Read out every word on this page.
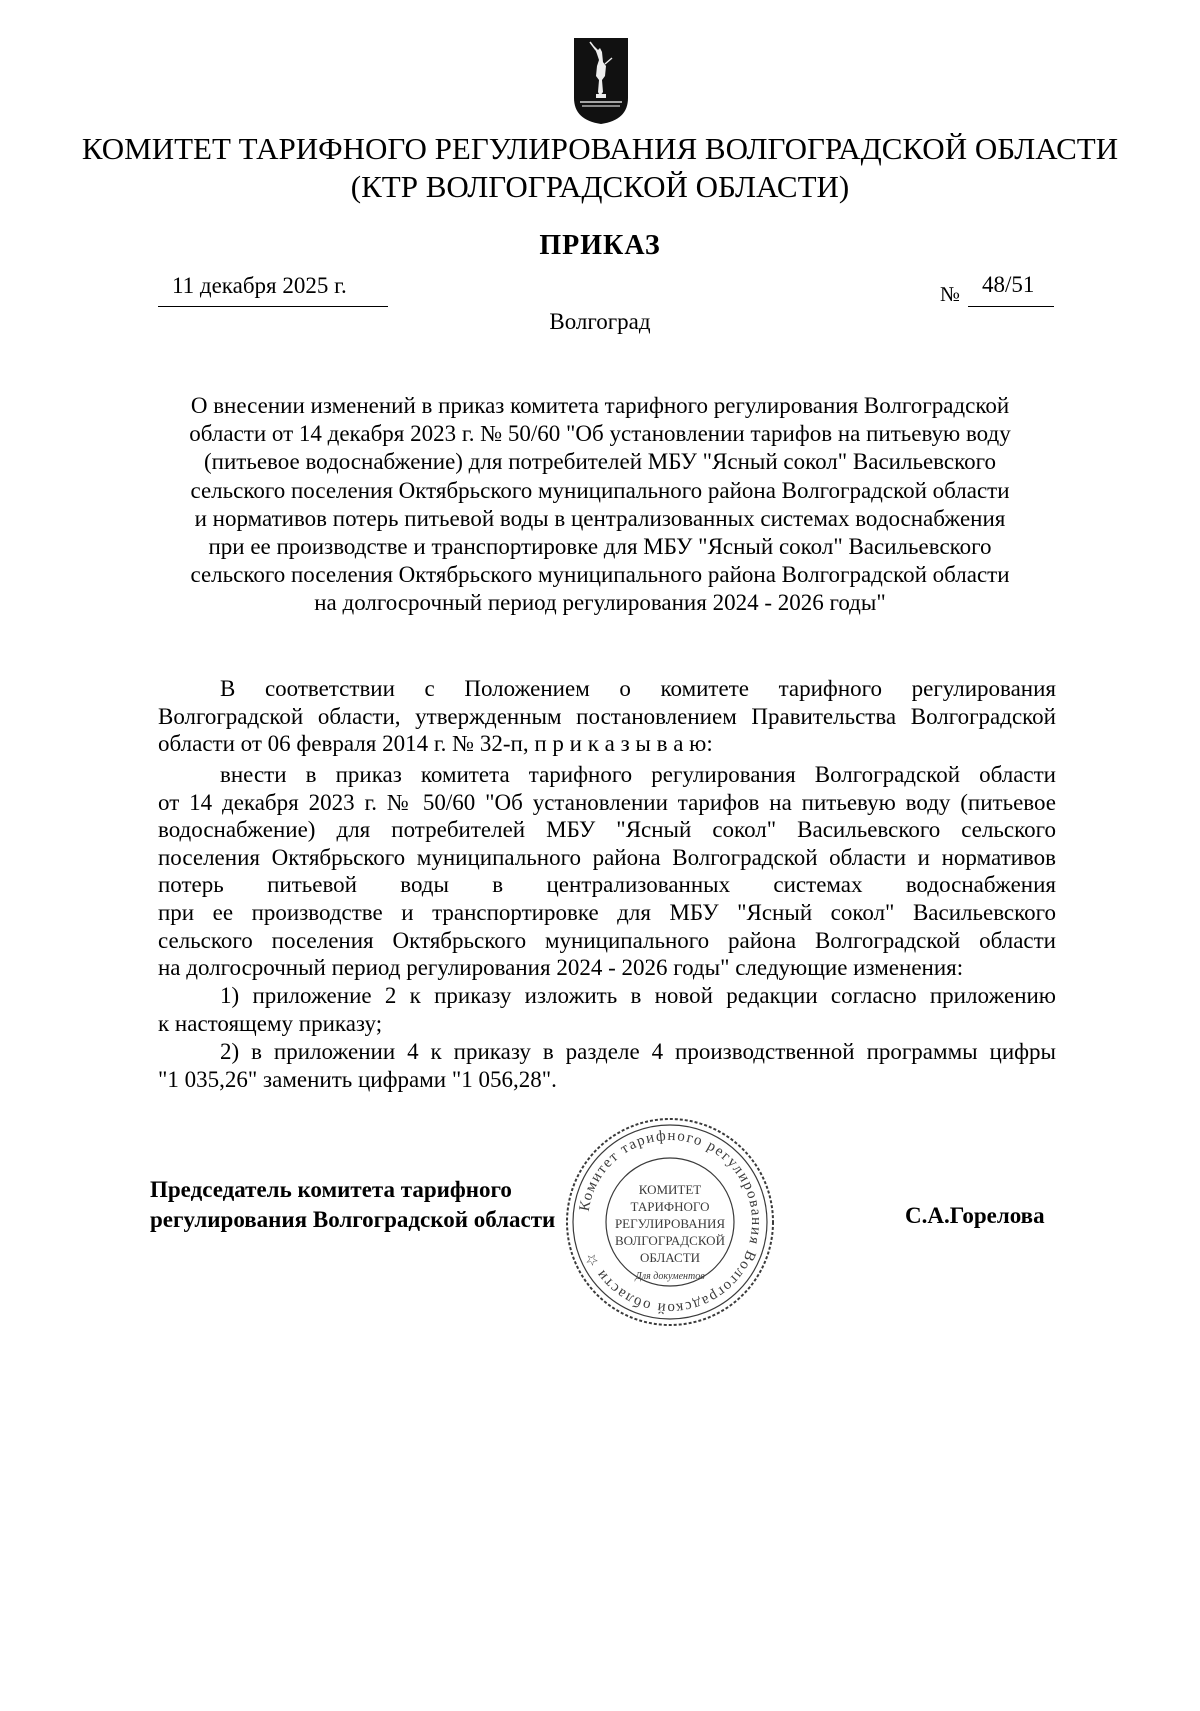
КОМИТЕТ ТАРИФНОГО РЕГУЛИРОВАНИЯ ВОЛГОГРАДСКОЙ ОБЛАСТИ
(КТР ВОЛГОГРАДСКОЙ ОБЛАСТИ)
ПРИКАЗ
11 декабря 2025 г.	№ 48/51
Волгоград
О внесении изменений в приказ комитета тарифного регулирования Волгоградской
области от 14 декабря 2023 г. № 50/60 "Об установлении тарифов на питьевую воду
(питьевое водоснабжение) для потребителей МБУ "Ясный сокол" Васильевского
сельского поселения Октябрьского муниципального района Волгоградской области
и нормативов потерь питьевой воды в централизованных системах водоснабжения
при ее производстве и транспортировке для МБУ "Ясный сокол" Васильевского
сельского поселения Октябрьского муниципального района Волгоградской области
на долгосрочный период регулирования 2024 - 2026 годы"
В соответствии с Положением о комитете тарифного регулирования
Волгоградской области, утвержденным постановлением Правительства Волгоградской
области от 06 февраля 2014 г. № 32-п, п р и к а з ы в а ю:
внести в приказ комитета тарифного регулирования Волгоградской области
от 14 декабря 2023 г. № 50/60 "Об установлении тарифов на питьевую воду (питьевое
водоснабжение) для потребителей МБУ "Ясный сокол" Васильевского сельского
поселения Октябрьского муниципального района Волгоградской области и нормативов
потерь питьевой воды в централизованных системах водоснабжения
при ее производстве и транспортировке для МБУ "Ясный сокол" Васильевского
сельского поселения Октябрьского муниципального района Волгоградской области
на долгосрочный период регулирования 2024 - 2026 годы" следующие изменения:
1) приложение 2 к приказу изложить в новой редакции согласно приложению
к настоящему приказу;
2) в приложении 4 к приказу в разделе 4 производственной программы цифры
"1 035,26" заменить цифрами "1 056,28".
Комитет тарифного регулирования Волгоградской области ☆
КОМИТЕТ
ТАРИФНОГО
РЕГУЛИРОВАНИЯ
ВОЛГОГРАДСКОЙ
ОБЛАСТИ
Для документов
Председатель комитета тарифного
регулирования Волгоградской области	С.А.Горелова
